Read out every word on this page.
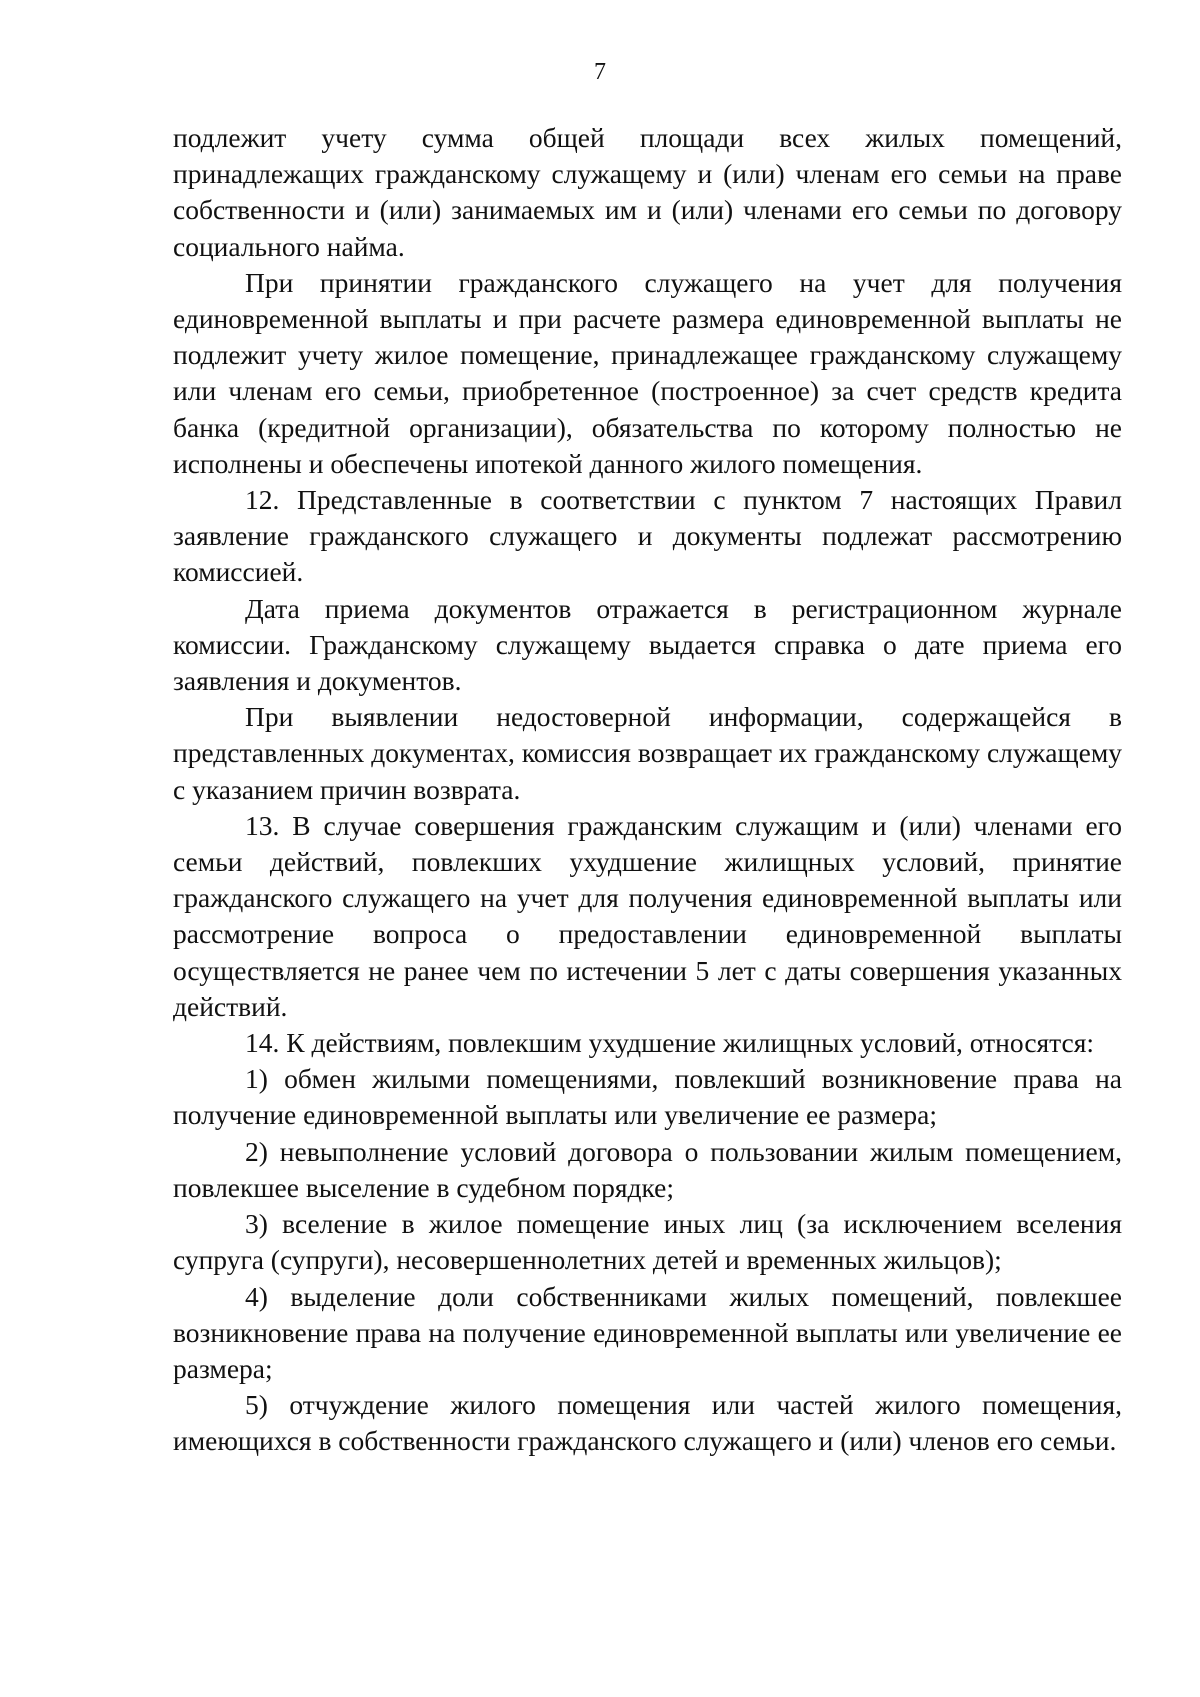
7

подлежит учету сумма общей площади всех жилых помещений, принадлежащих гражданскому служащему и (или) членам его семьи на праве собственности и (или) занимаемых им и (или) членами его семьи по договору социального найма.

При принятии гражданского служащего на учет для получения единовременной выплаты и при расчете размера единовременной выплаты не подлежит учету жилое помещение, принадлежащее гражданскому служащему или членам его семьи, приобретенное (построенное) за счет средств кредита банка (кредитной организации), обязательства по которому полностью не исполнены и обеспечены ипотекой данного жилого помещения.

12. Представленные в соответствии с пунктом 7 настоящих Правил заявление гражданского служащего и документы подлежат рассмотрению комиссией.

Дата приема документов отражается в регистрационном журнале комиссии. Гражданскому служащему выдается справка о дате приема его заявления и документов.

При выявлении недостоверной информации, содержащейся в представленных документах, комиссия возвращает их гражданскому служащему с указанием причин возврата.

13. В случае совершения гражданским служащим и (или) членами его семьи действий, повлекших ухудшение жилищных условий, принятие гражданского служащего на учет для получения единовременной выплаты или рассмотрение вопроса о предоставлении единовременной выплаты осуществляется не ранее чем по истечении 5 лет с даты совершения указанных действий.

14. К действиям, повлекшим ухудшение жилищных условий, относятся:

1) обмен жилыми помещениями, повлекший возникновение права на получение единовременной выплаты или увеличение ее размера;

2) невыполнение условий договора о пользовании жилым помещением, повлекшее выселение в судебном порядке;

3) вселение в жилое помещение иных лиц (за исключением вселения супруга (супруги), несовершеннолетних детей и временных жильцов);

4) выделение доли собственниками жилых помещений, повлекшее возникновение права на получение единовременной выплаты или увеличение ее размера;

5) отчуждение жилого помещения или частей жилого помещения, имеющихся в собственности гражданского служащего и (или) членов его семьи.
